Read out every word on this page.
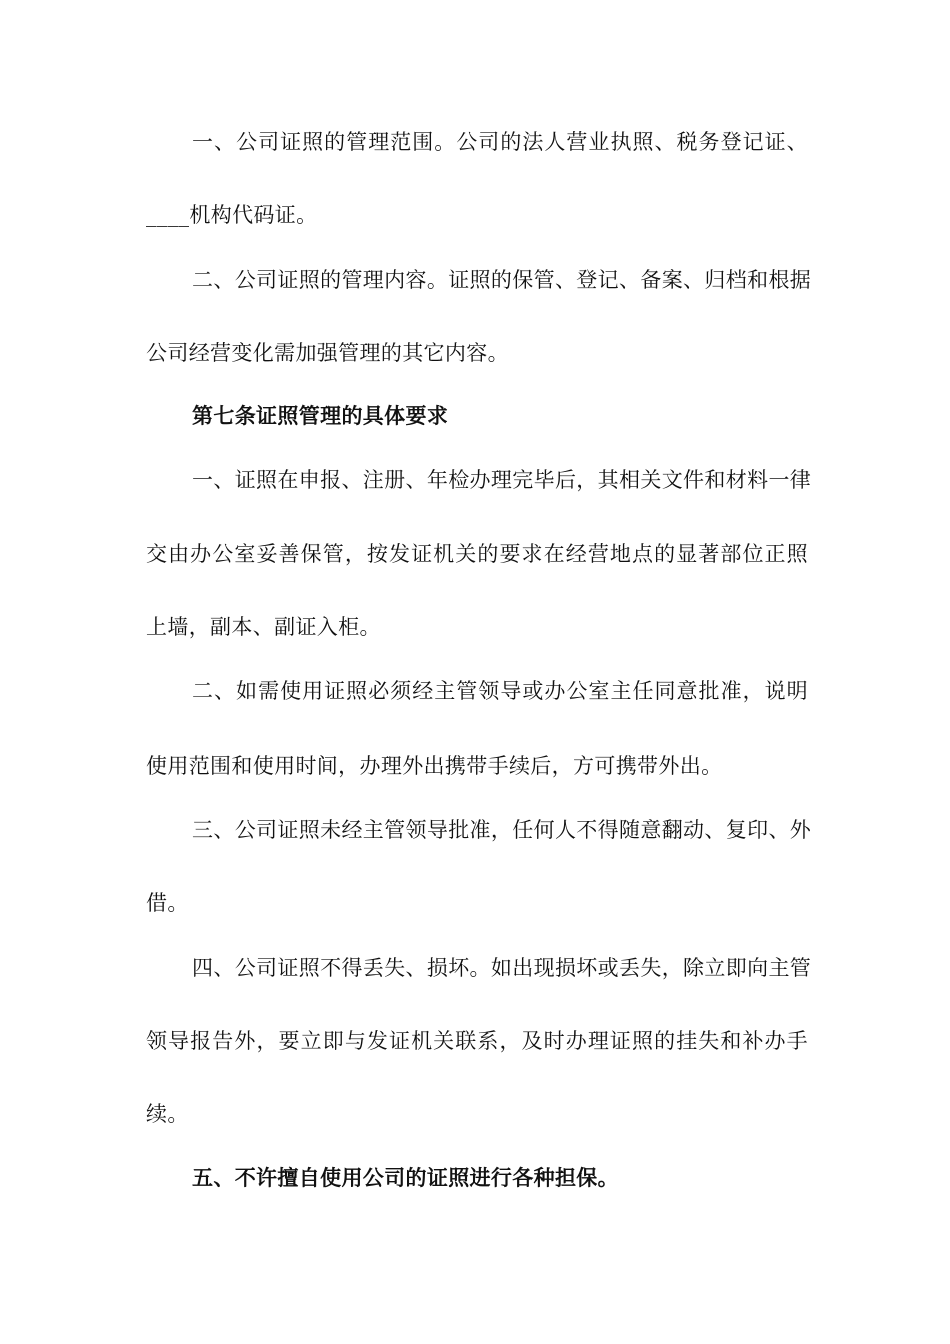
一、公司证照的管理范围。公司的法人营业执照、税务登记证、
____机构代码证。
二、公司证照的管理内容。证照的保管、登记、备案、归档和根据
公司经营变化需加强管理的其它内容。
第七条证照管理的具体要求
一、证照在申报、注册、年检办理完毕后，其相关文件和材料一律
交由办公室妥善保管，按发证机关的要求在经营地点的显著部位正照
上墙，副本、副证入柜。
二、如需使用证照必须经主管领导或办公室主任同意批准，说明
使用范围和使用时间，办理外出携带手续后，方可携带外出。
三、公司证照未经主管领导批准，任何人不得随意翻动、复印、外
借。
四、公司证照不得丢失、损坏。如出现损坏或丢失，除立即向主管
领导报告外，要立即与发证机关联系，及时办理证照的挂失和补办手
续。
五、不许擅自使用公司的证照进行各种担保。
